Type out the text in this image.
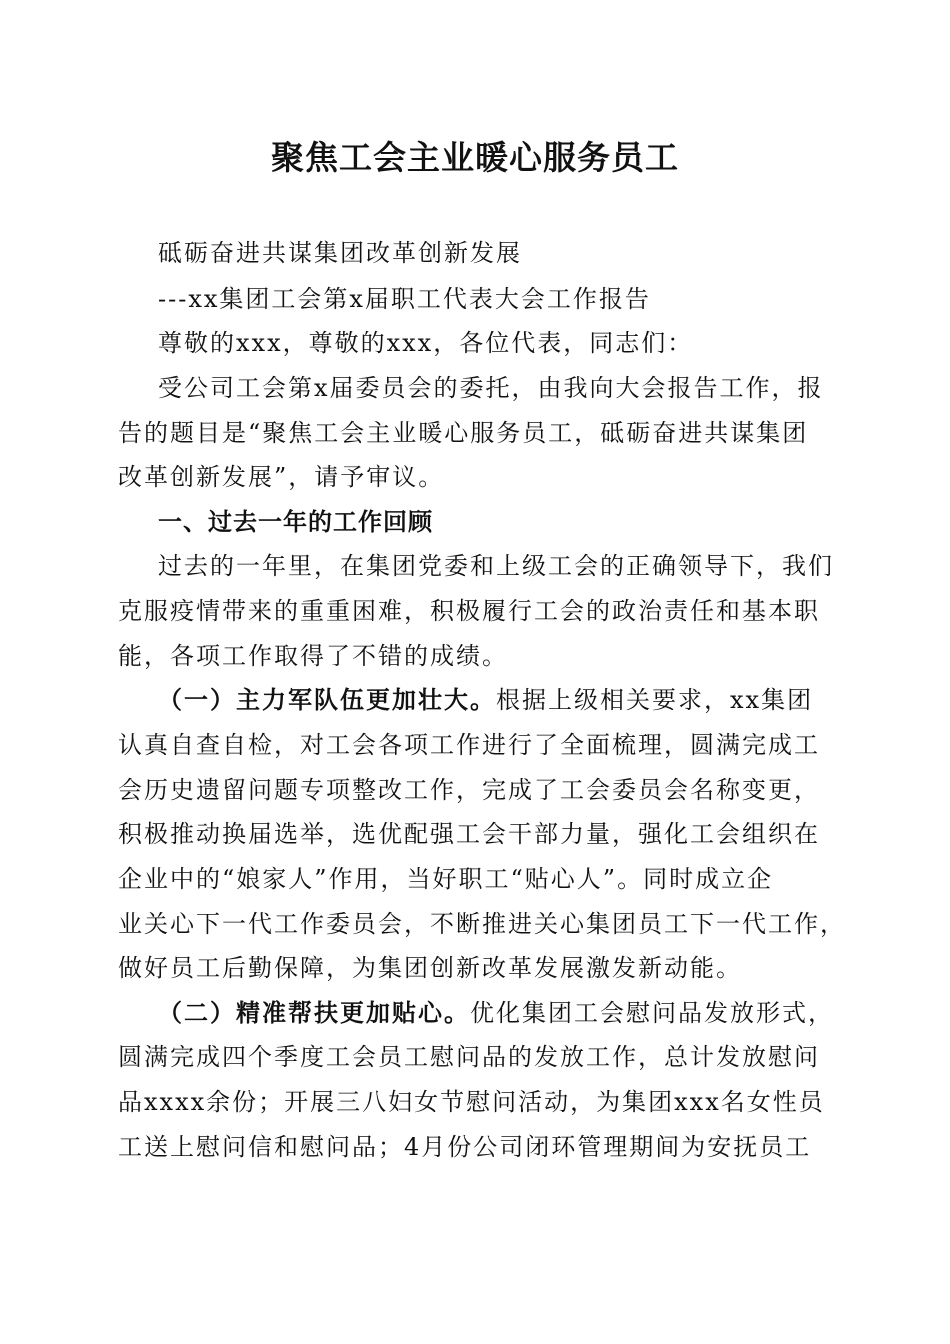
聚焦工会主业暖心服务员工
砥砺奋进共谋集团改革创新发展
---xx集团工会第x届职工代表大会工作报告
尊敬的xxx，尊敬的xxx，各位代表，同志们：
受公司工会第x届委员会的委托，由我向大会报告工作，报
告的题目是“聚焦工会主业暖心服务员工，砥砺奋进共谋集团
改革创新发展”，请予审议。
一、过去一年的工作回顾
过去的一年里，在集团党委和上级工会的正确领导下，我们
克服疫情带来的重重困难，积极履行工会的政治责任和基本职
能，各项工作取得了不错的成绩。
（一）主力军队伍更加壮大。根据上级相关要求，xx集团
认真自查自检，对工会各项工作进行了全面梳理，圆满完成工
会历史遗留问题专项整改工作，完成了工会委员会名称变更，
积极推动换届选举，选优配强工会干部力量，强化工会组织在
企业中的“娘家人”作用，当好职工“贴心人”。同时成立企
业关心下一代工作委员会，不断推进关心集团员工下一代工作，
做好员工后勤保障，为集团创新改革发展激发新动能。
（二）精准帮扶更加贴心。优化集团工会慰问品发放形式，
圆满完成四个季度工会员工慰问品的发放工作，总计发放慰问
品xxxx余份；开展三八妇女节慰问活动，为集团xxx名女性员
工送上慰问信和慰问品；4月份公司闭环管理期间为安抚员工
